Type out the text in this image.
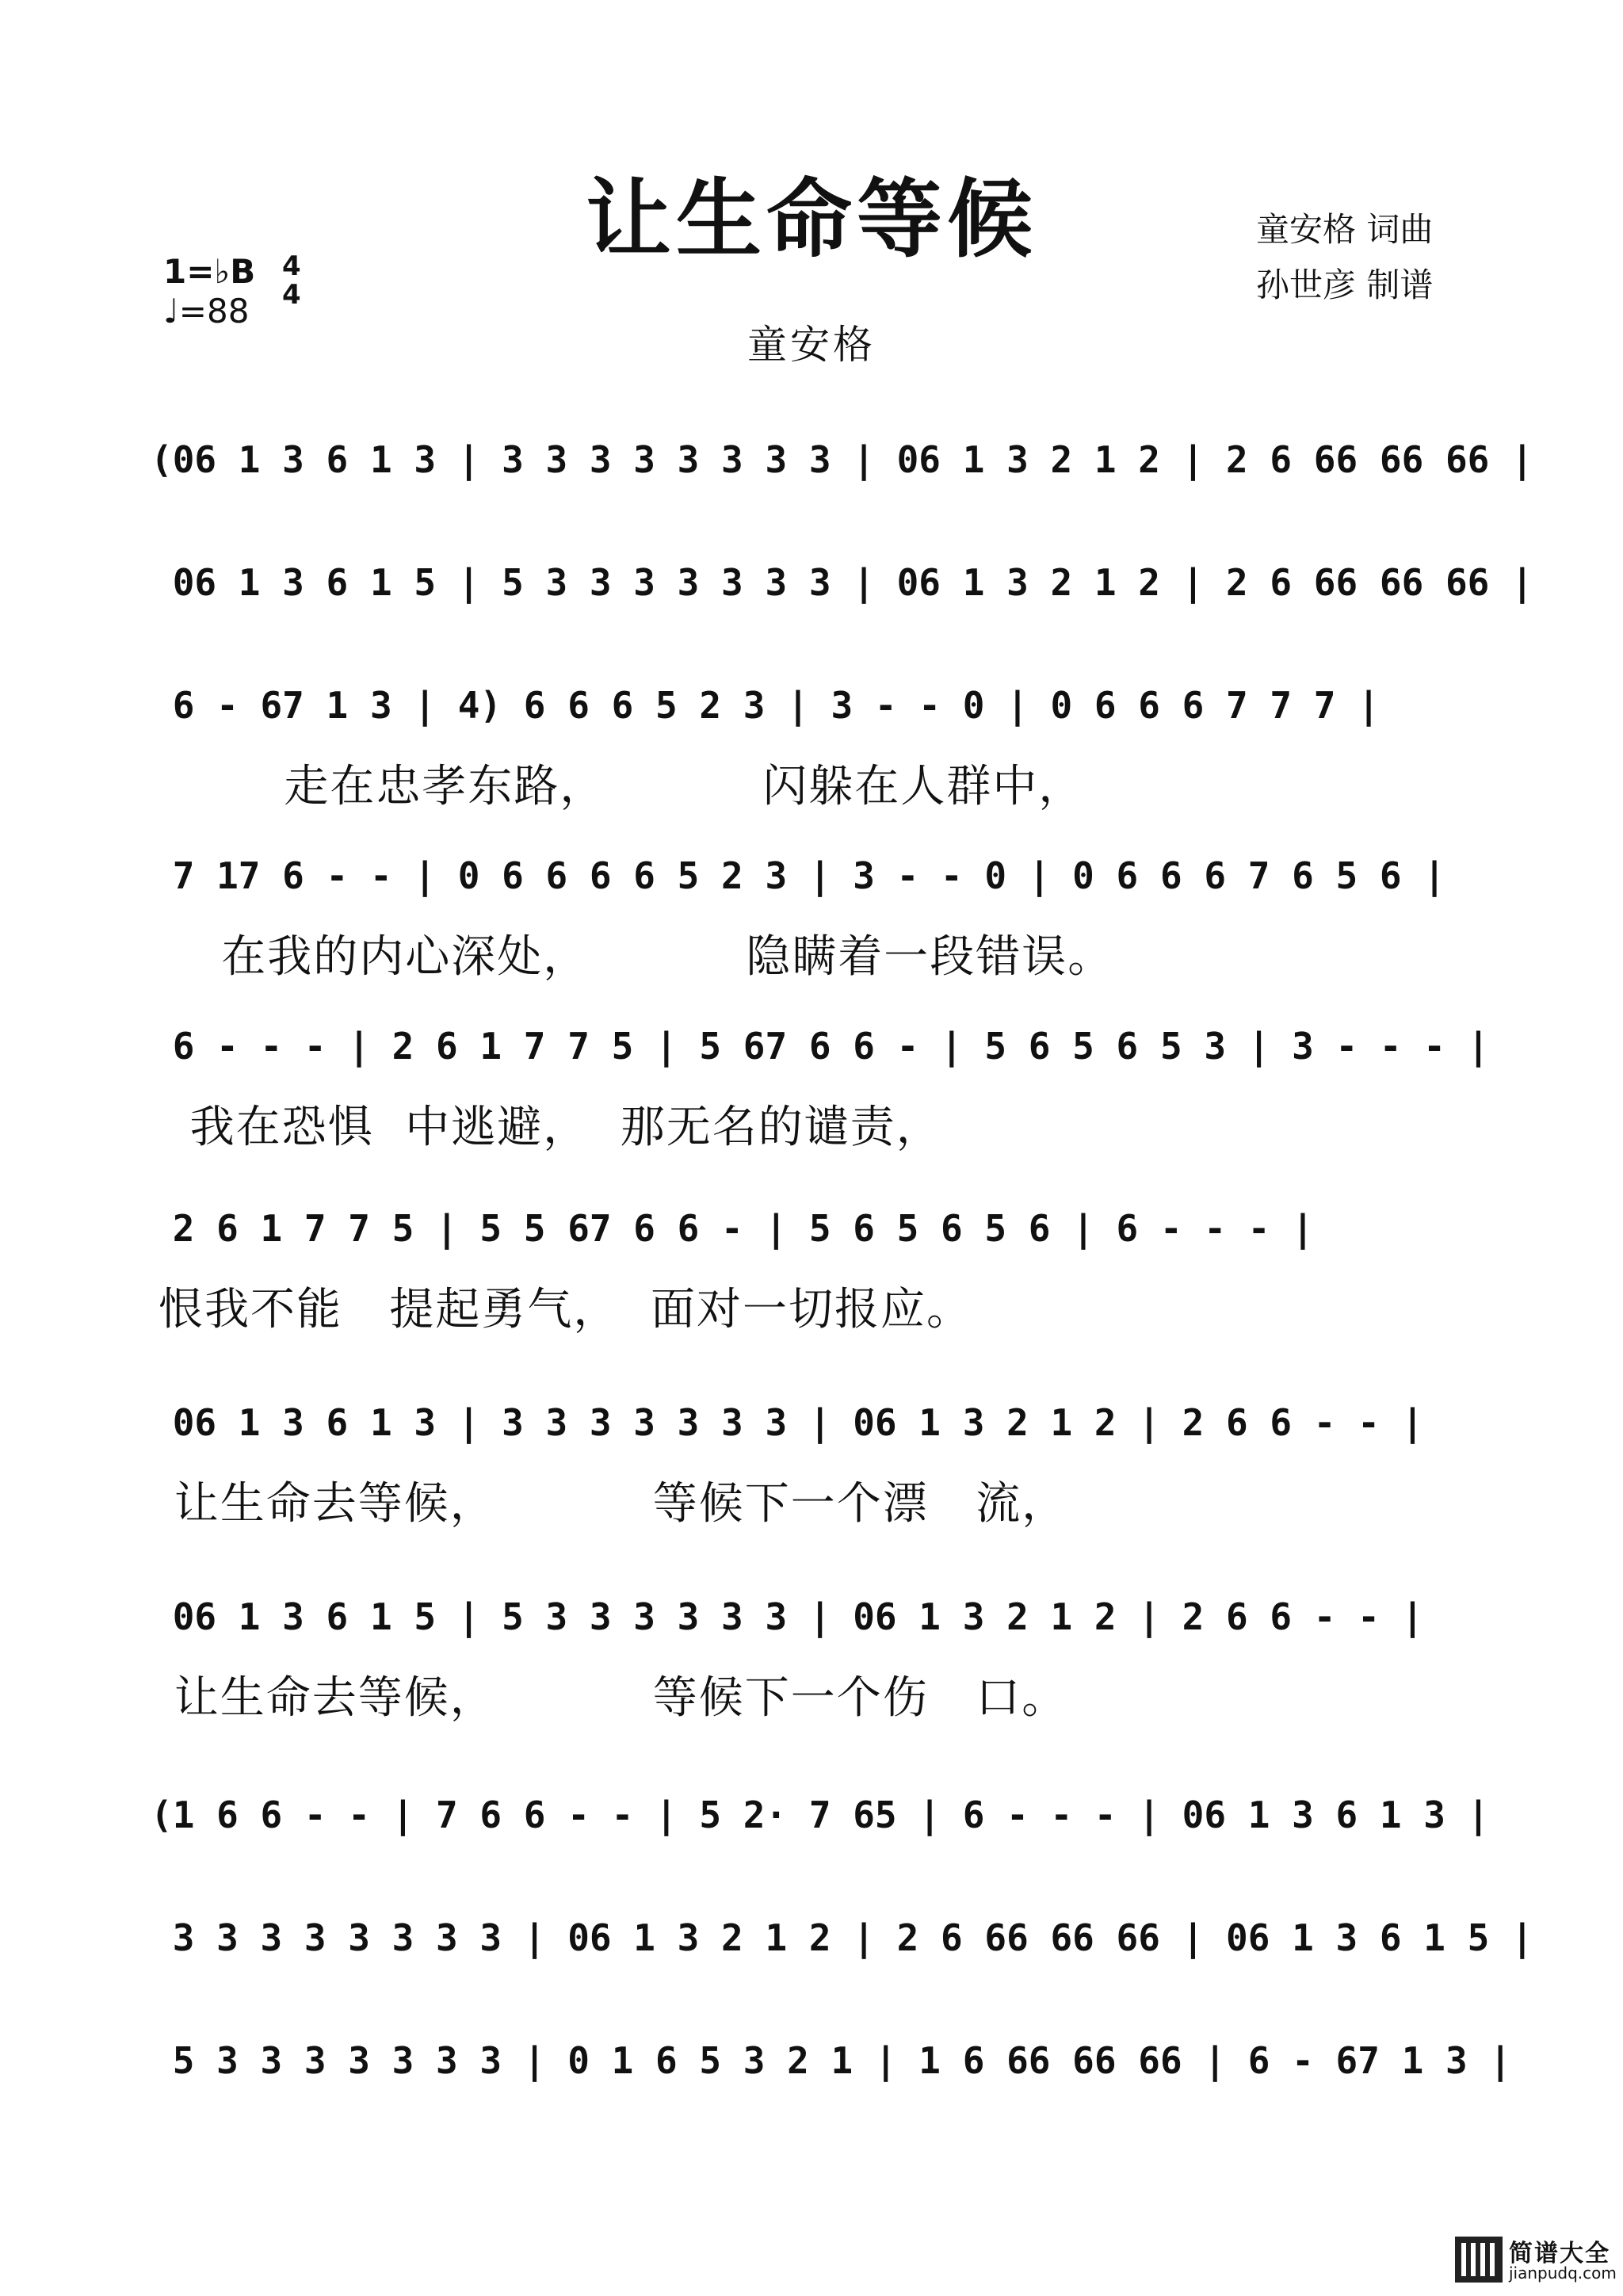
让生命等候	童安格 词曲
孙世彦 制谱
1=♭B
♩=88
4
4
童安格
(06 1 3 6 1 3 | 3 3 3 3 3 3 3 3 | 06 1 3 2 1 2 | 2 6 66 66 66 |
06 1 3 6 1 5 | 5 3 3 3 3 3 3 3 | 06 1 3 2 1 2 | 2 6 66 66 66 |
6 - 67 1 3 | 4) 6 6 6 5 2 3 | 3 - - 0 | 0 6 6 6 7 7 7 |
走在忠孝东路，          闪躲在人群中，
7 17 6 - - | 0 6 6 6 6 5 2 3 | 3 - - 0 | 0 6 6 6 7 6 5 6 |
在我的内心深处，          隐瞒着一段错误。
6 - - - | 2 6 1 7 7 5 | 5 67 6 6 - | 5 6 5 6 5 3 | 3 - - - |
我在恐惧  中逃避，  那无名的谴责，
2 6 1 7 7 5 | 5 5 67 6 6 - | 5 6 5 6 5 6 | 6 - - - |
恨我不能   提起勇气，  面对一切报应。
06 1 3 6 1 3 | 3 3 3 3 3 3 3 | 06 1 3 2 1 2 | 2 6 6 - - |
让生命去等候，          等候下一个漂   流，
06 1 3 6 1 5 | 5 3 3 3 3 3 3 | 06 1 3 2 1 2 | 2 6 6 - - |
让生命去等候，          等候下一个伤   口。
(1 6 6 - - | 7 6 6 - - | 5 2· 7 65 | 6 - - - | 06 1 3 6 1 3 |
3 3 3 3 3 3 3 3 | 06 1 3 2 1 2 | 2 6 66 66 66 | 06 1 3 6 1 5 |
5 3 3 3 3 3 3 3 | 0 1 6 5 3 2 1 | 1 6 66 66 66 | 6 - 67 1 3 |
简谱大全
jianpudq.com
